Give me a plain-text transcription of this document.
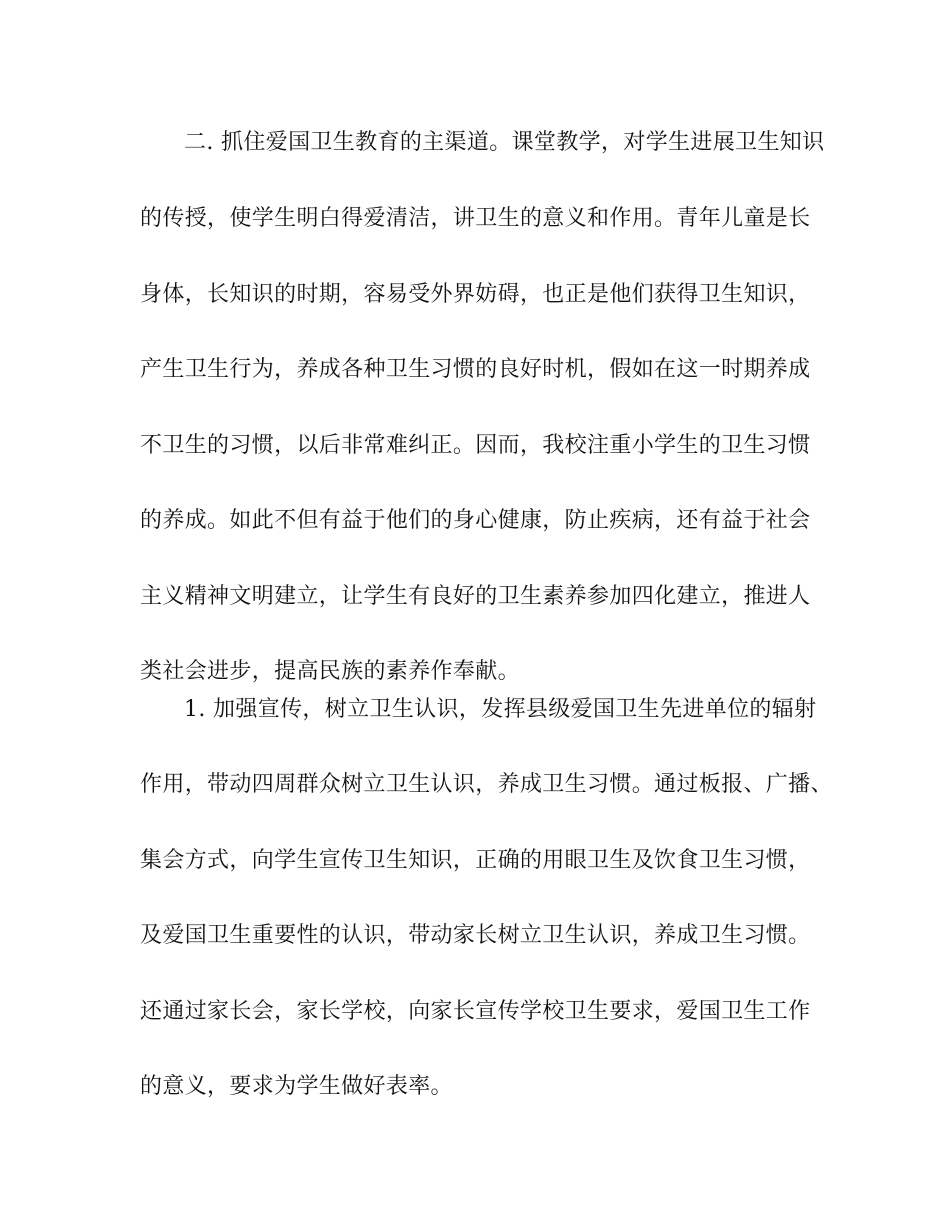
二. 抓住爱国卫生教育的主渠道。课堂教学，对学生进展卫生知识
的传授，使学生明白得爱清洁，讲卫生的意义和作用。青年儿童是长
身体，长知识的时期，容易受外界妨碍，也正是他们获得卫生知识，
产生卫生行为，养成各种卫生习惯的良好时机，假如在这一时期养成
不卫生的习惯，以后非常难纠正。因而，我校注重小学生的卫生习惯
的养成。如此不但有益于他们的身心健康，防止疾病，还有益于社会
主义精神文明建立，让学生有良好的卫生素养参加四化建立，推进人
类社会进步，提高民族的素养作奉献。
1. 加强宣传，树立卫生认识，发挥县级爱国卫生先进单位的辐射
作用，带动四周群众树立卫生认识，养成卫生习惯。通过板报、广播、
集会方式，向学生宣传卫生知识，正确的用眼卫生及饮食卫生习惯，
及爱国卫生重要性的认识，带动家长树立卫生认识，养成卫生习惯。
还通过家长会，家长学校，向家长宣传学校卫生要求，爱国卫生工作
的意义，要求为学生做好表率。
